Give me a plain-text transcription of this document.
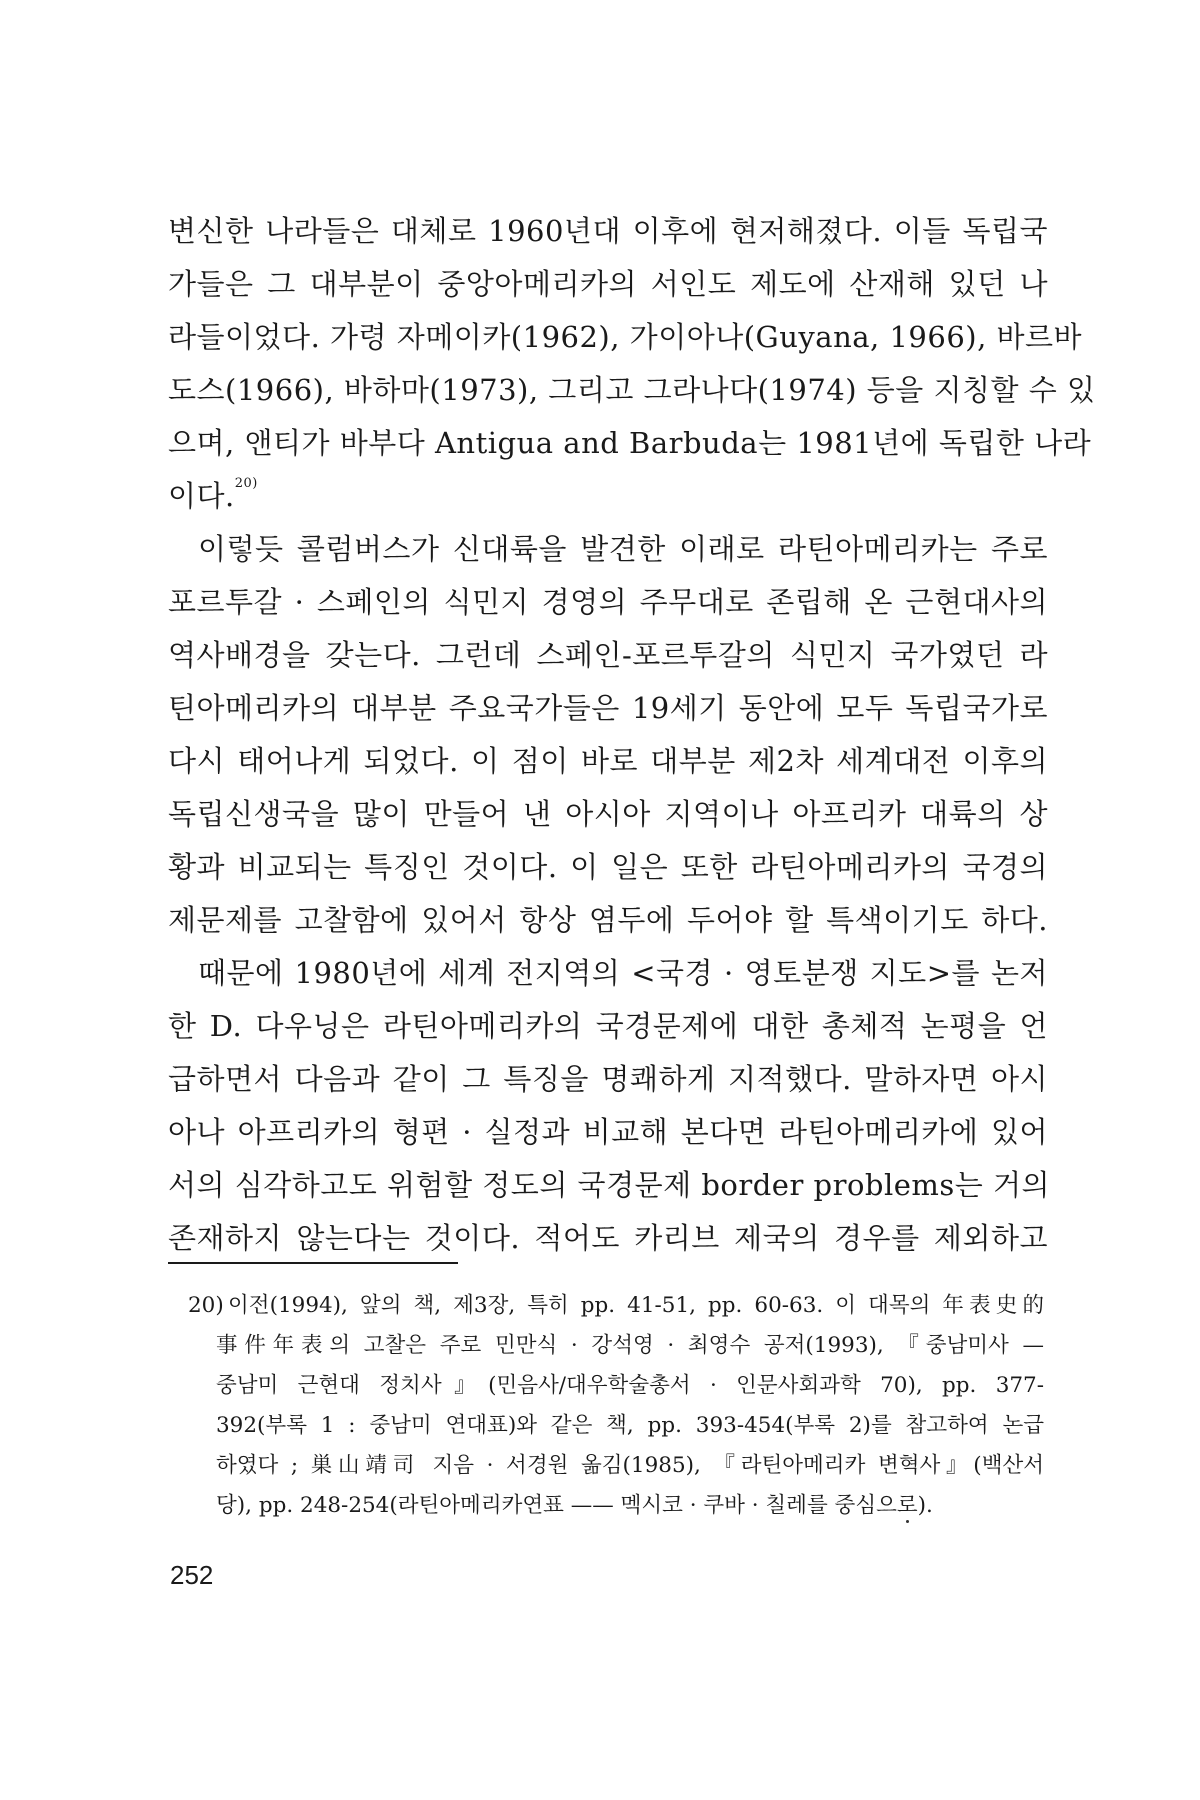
변신한 나라들은 대체로 1960년대 이후에 현저해졌다. 이들 독립국
가들은 그 대부분이 중앙아메리카의 서인도 제도에 산재해 있던 나
라들이었다. 가령 자메이카(1962), 가이아나(Guyana, 1966), 바르바
도스(1966), 바하마(1973), 그리고 그라나다(1974) 등을 지칭할 수 있
으며, 앤티가 바부다 Antigua and Barbuda는 1981년에 독립한 나라
이다.$^{20)}$
이렇듯 콜럼버스가 신대륙을 발견한 이래로 라틴아메리카는 주로
포르투갈 · 스페인의 식민지 경영의 주무대로 존립해 온 근현대사의
역사배경을 갖는다. 그런데 스페인-포르투갈의 식민지 국가였던 라
틴아메리카의 대부분 주요국가들은 19세기 동안에 모두 독립국가로
다시 태어나게 되었다. 이 점이 바로 대부분 제2차 세계대전 이후의
독립신생국을 많이 만들어 낸 아시아 지역이나 아프리카 대륙의 상
황과 비교되는 특징인 것이다. 이 일은 또한 라틴아메리카의 국경의
제문제를 고찰함에 있어서 항상 염두에 두어야 할 특색이기도 하다.
때문에 1980년에 세계 전지역의 <국경 · 영토분쟁 지도>를 논저
한 D. 다우닝은 라틴아메리카의 국경문제에 대한 총체적 논평을 언
급하면서 다음과 같이 그 특징을 명쾌하게 지적했다. 말하자면 아시
아나 아프리카의 형편 · 실정과 비교해 본다면 라틴아메리카에 있어
서의 심각하고도 위험할 정도의 국경문제 border problems는 거의
존재하지 않는다는 것이다. 적어도 카리브 제국의 경우를 제외하고
20) 이전(1994), 앞의 책, 제3장, 특히 pp. 41-51, pp. 60-63. 이 대목의 年表史的
事件年表의 고찰은 주로 민만식 · 강석영 · 최영수 공저(1993), 『중남미사 —
중남미 근현대 정치사』(민음사/대우학술총서 · 인문사회과학 70), pp. 377-
392(부록 1 : 중남미 연대표)와 같은 책, pp. 393-454(부록 2)를 참고하여 논급
하였다 ; 巣山靖司 지음 · 서경원 옮김(1985), 『라틴아메리카 변혁사』(백산서
당), pp. 248-254(라틴아메리카연표 —— 멕시코 · 쿠바 · 칠레를 중심으로).
252
